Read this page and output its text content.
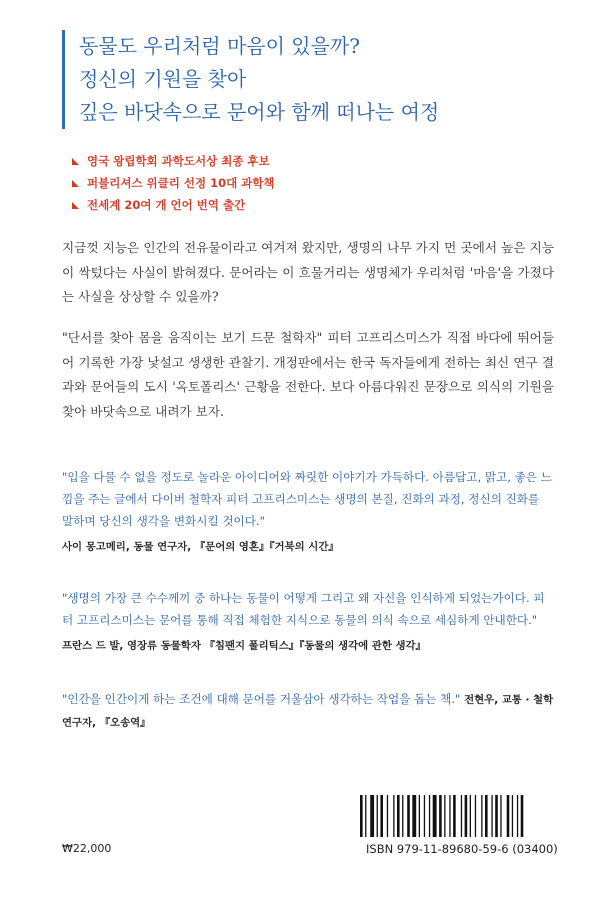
동물도 우리처럼 마음이 있을까?
정신의 기원을 찾아
깊은 바닷속으로 문어와 함께 떠나는 여정
영국 왕립학회 과학도서상 최종 후보
퍼블리셔스 위클리 선정 10대 과학책
전세계 20여 개 언어 번역 출간
지금껏 지능은 인간의 전유물이라고 여겨져 왔지만, 생명의 나무 가지 먼 곳에서 높은 지능이 싹텄다는 사실이 밝혀졌다. 문어라는 이 흐물거리는 생명체가 우리처럼 '마음'을 가졌다는 사실을 상상할 수 있을까?
"단서를 찾아 몸을 움직이는 보기 드문 철학자" 피터 고프리스미스가 직접 바다에 뛰어들어 기록한 가장 낯설고 생생한 관찰기. 개정판에서는 한국 독자들에게 전하는 최신 연구 결과와 문어들의 도시 '옥토폴리스' 근황을 전한다. 보다 아름다워진 문장으로 의식의 기원을 찾아 바닷속으로 내려가 보자.
"입을 다물 수 없을 정도로 놀라운 아이디어와 짜릿한 이야기가 가득하다. 아름답고, 맑고, 좋은 느낌을 주는 글에서 다이버 철학자 피터 고프리스미스는 생명의 본질, 진화의 과정, 정신의 진화를 말하며 당신의 생각을 변화시킬 것이다."
사이 몽고메리, 동물 연구자, 『문어의 영혼』『거북의 시간』
"생명의 가장 큰 수수께끼 중 하나는 동물이 어떻게 그리고 왜 자신을 인식하게 되었는가이다. 피터 고프리스미스는 문어를 통해 직접 체험한 지식으로 동물의 의식 속으로 세심하게 안내한다."
프란스 드 발, 영장류 동물학자 『침팬지 폴리틱스』『동물의 생각에 관한 생각』
"인간을 인간이게 하는 조건에 대해 문어를 거울삼아 생각하는 작업을 돕는 책." 전현우, 교통 · 철학 연구자, 『오송역』
₩22,000	ISBN 979-11-89680-59-6 (03400)
